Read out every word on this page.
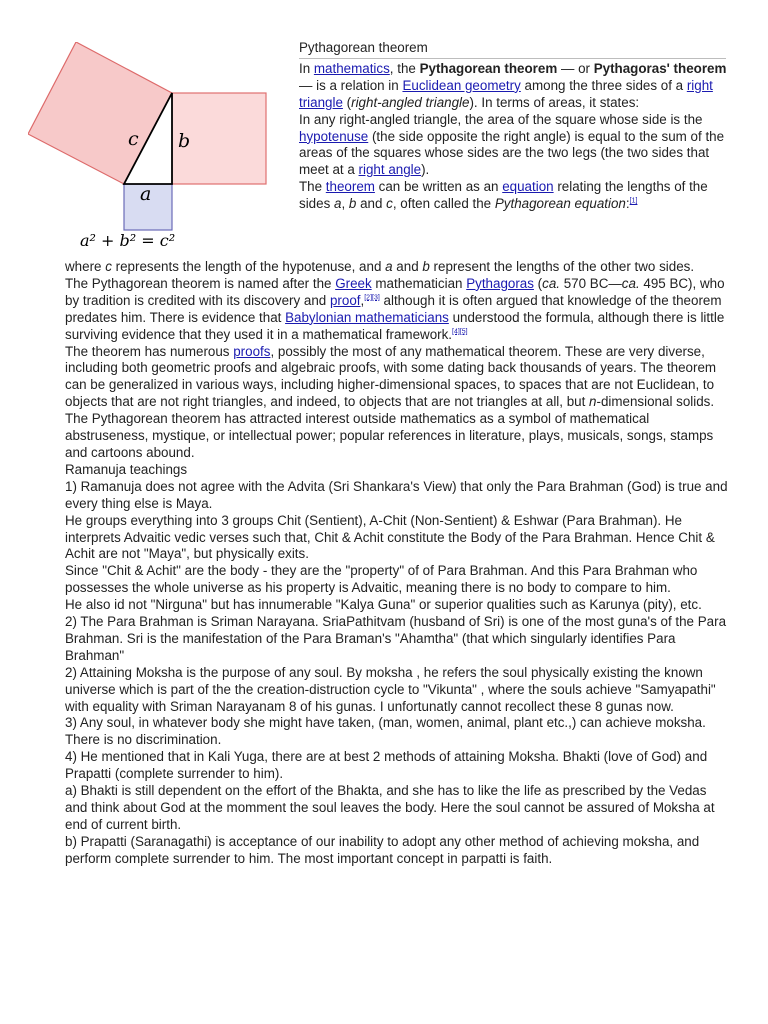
c b
a
a² + b² = c²
Pythagorean theorem

In mathematics, the Pythagorean theorem — or Pythagoras' theorem — is a relation in Euclidean geometry among the three sides of a right triangle (right-angled triangle). In terms of areas, it states:

In any right-angled triangle, the area of the square whose side is the hypotenuse (the side opposite the right angle) is equal to the sum of the areas of the squares whose sides are the two legs (the two sides that meet at a right angle).

The theorem can be written as an equation relating the lengths of the sides a, b and c, often called the Pythagorean equation:[1]

where c represents the length of the hypotenuse, and a and b represent the lengths of the other two sides.

The Pythagorean theorem is named after the Greek mathematician Pythagoras (ca. 570 BC—ca. 495 BC), who by tradition is credited with its discovery and proof,[2][3] although it is often argued that knowledge of the theorem predates him. There is evidence that Babylonian mathematicians understood the formula, although there is little surviving evidence that they used it in a mathematical framework.[4][5]

The theorem has numerous proofs, possibly the most of any mathematical theorem. These are very diverse, including both geometric proofs and algebraic proofs, with some dating back thousands of years. The theorem can be generalized in various ways, including higher-dimensional spaces, to spaces that are not Euclidean, to objects that are not right triangles, and indeed, to objects that are not triangles at all, but n-dimensional solids. The Pythagorean theorem has attracted interest outside mathematics as a symbol of mathematical abstruseness, mystique, or intellectual power; popular references in literature, plays, musicals, songs, stamps and cartoons abound.

Ramanuja teachings

1) Ramanuja does not agree with the Advita (Sri Shankara's View) that only the Para Brahman (God) is true and every thing else is Maya.

He groups everything into 3 groups Chit (Sentient), A-Chit (Non-Sentient) & Eshwar (Para Brahman). He interprets Advaitic vedic verses such that, Chit & Achit constitute the Body of the Para Brahman. Hence Chit & Achit are not "Maya", but physically exits.

Since "Chit & Achit" are the body - they are the "property" of of Para Brahman. And this Para Brahman who possesses the whole universe as his property is Advaitic, meaning there is no body to compare to him.

He also id not "Nirguna" but has innumerable "Kalya Guna" or superior qualities such as Karunya (pity), etc.

2) The Para Brahman is Sriman Narayana. SriaPathitvam (husband of Sri) is one of the most guna's of the Para Brahman. Sri is the manifestation of the Para Braman's "Ahamtha" (that which singularly identifies Para Brahman"

2) Attaining Moksha is the purpose of any soul. By moksha , he refers the soul physically existing the known universe which is part of the the creation-distruction cycle to "Vikunta" , where the souls achieve "Samyapathi" with equality with Sriman Narayanam 8 of his gunas. I unfortunatly cannot recollect these 8 gunas now.

3) Any soul, in whatever body she might have taken, (man, women, animal, plant etc.,) can achieve moksha. There is no discrimination.

4) He mentioned that in Kali Yuga, there are at best 2 methods of attaining Moksha. Bhakti (love of God) and Prapatti (complete surrender to him).

a) Bhakti is still dependent on the effort of the Bhakta, and she has to like the life as prescribed by the Vedas and think about God at the momment the soul leaves the body. Here the soul cannot be assured of Moksha at end of current birth.

b) Prapatti (Saranagathi) is acceptance of our inability to adopt any other method of achieving moksha, and perform complete surrender to him. The most important concept in parpatti is faith.
